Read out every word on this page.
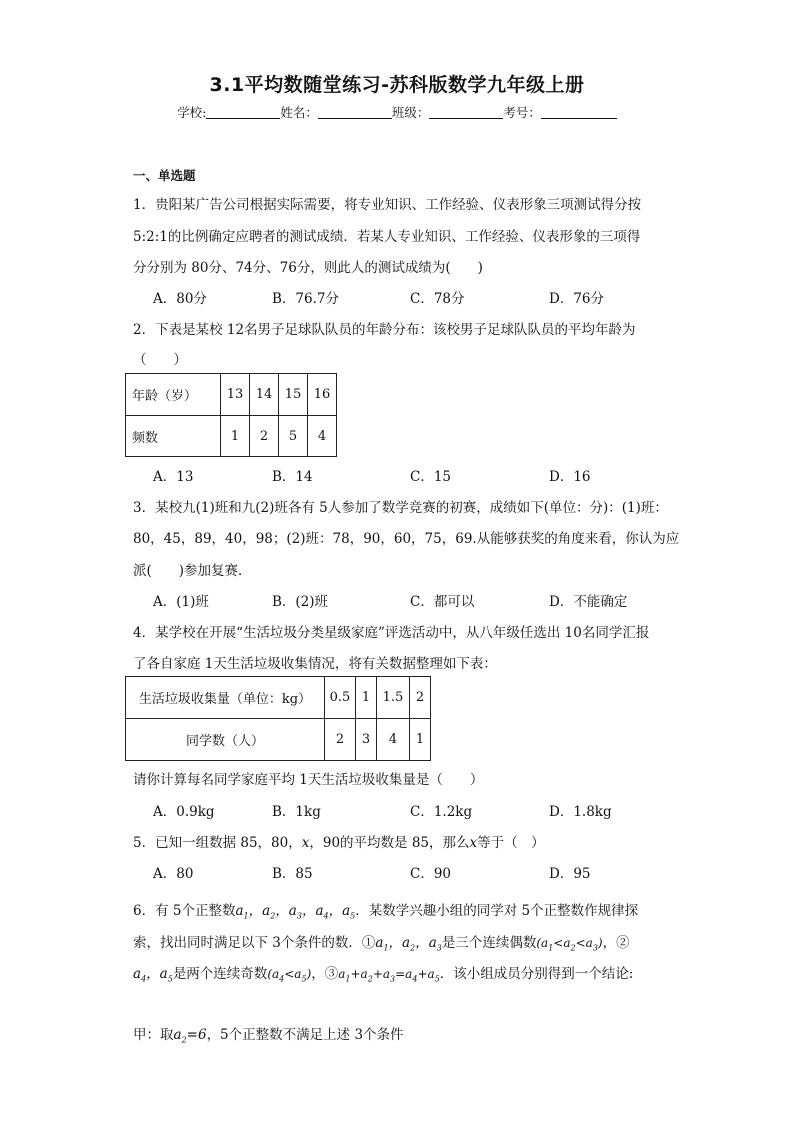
3.1平均数随堂练习-苏科版数学九年级上册
学校:	姓名：	班级：	考号：
一、单选题
1．贵阳某广告公司根据实际需要，将专业知识、工作经验、仪表形象三项测试得分按
5:2:1的比例确定应聘者的测试成绩．若某人专业知识、工作经验、仪表形象的三项得
分分别为 80分、74分、76分，则此人的测试成绩为(　　)
A．80分	B．76.7分	C．78分	D．76分
2．下表是某校 12名男子足球队队员的年龄分布：该校男子足球队队员的平均年龄为
（　　）
年龄（岁）	13	14	15	16
频数	1	2	5	4
A．13	B．14	C．15	D．16
3．某校九(1)班和九(2)班各有 5人参加了数学竞赛的初赛，成绩如下(单位：分)：(1)班：
80，45，89，40，98；(2)班：78，90，60，75，69.从能够获奖的角度来看，你认为应
派(　　)参加复赛．
A．(1)班	B．(2)班	C．都可以	D．不能确定
4．某学校在开展“生活垃圾分类星级家庭”评选活动中，从八年级任选出 10名同学汇报
了各自家庭 1天生活垃圾收集情况，将有关数据整理如下表：
生活垃圾收集量（单位：kg）	0.5	1	1.5	2
同学数（人）	2	3	4	1
请你计算每名同学家庭平均 1天生活垃圾收集量是（　　）
A．0.9kg	B．1kg	C．1.2kg	D．1.8kg
5．已知一组数据 85，80，x，90的平均数是 85，那么x等于（　）
A．80	B．85	C．90	D．95
6．有 5个正整数$a_1$，$a_2$，$a_3$，$a_4$，$a_5$．某数学兴趣小组的同学对 5个正整数作规律探
索，找出同时满足以下 3个条件的数．$①a_1$，$a_2$，$a_3$是三个连续偶数$(a_1<a_2<a_3)$，②
$a_4$，$a_5$是两个连续奇数$(a_4<a_5)$，$③a_1+a_2+a_3=a_4+a_5$．该小组成员分别得到一个结论:
甲：取$a_2=6$，5个正整数不满足上述 3个条件
